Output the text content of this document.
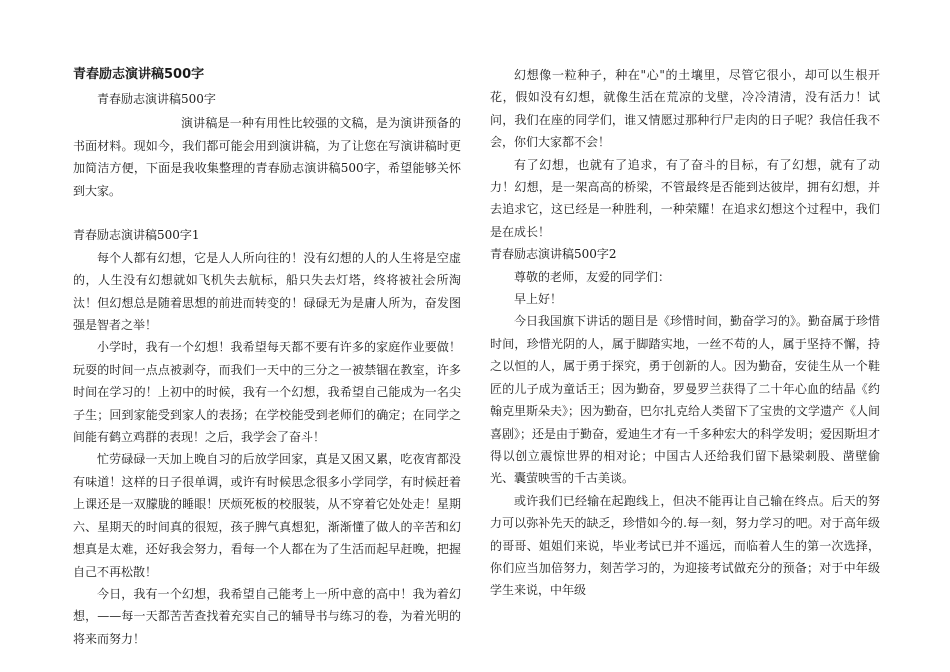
青春励志演讲稿500字

青春励志演讲稿500字

演讲稿是一种有用性比较强的文稿，是为演讲预备的书面材料。现如今，我们都可能会用到演讲稿，为了让您在写演讲稿时更加简洁方便，下面是我收集整理的青春励志演讲稿500字，希望能够关怀到大家。

青春励志演讲稿500字1

每个人都有幻想，它是人人所向往的！没有幻想的人的人生将是空虚的，人生没有幻想就如飞机失去航标，船只失去灯塔，终将被社会所淘汰！但幻想总是随着思想的前进而转变的！碌碌无为是庸人所为，奋发图强是智者之举！

小学时，我有一个幻想！我希望每天都不要有许多的家庭作业要做！玩耍的时间一点点被剥夺，而我们一天中的三分之一被禁锢在教室，许多时间在学习的！上初中的时候，我有一个幻想，我希望自己能成为一名尖子生；回到家能受到家人的表扬；在学校能受到老师们的确定；在同学之间能有鹤立鸡群的表现！之后，我学会了奋斗！

忙劳碌碌一天加上晚自习的后放学回家，真是又困又累，吃夜宵都没有味道！这样的日子很单调，或许有时候思念很多小学同学，有时候赶着上课还是一双朦胧的睡眼！厌烦死板的校服装，从不穿着它处处走！星期六、星期天的时间真的很短，孩子脾气真想犯，渐渐懂了做人的辛苦和幻想真是太难，还好我会努力，看每一个人都在为了生活而起早赶晚，把握自己不再松散！

今日，我有一个幻想，我希望自己能考上一所中意的高中！我为着幻想，——每一天都苦苦查找着充实自己的辅导书与练习的卷，为着光明的将来而努力！

幻想像一粒种子，种在"心"的土壤里，尽管它很小，却可以生根开花，假如没有幻想，就像生活在荒凉的戈壁，冷冷清清，没有活力！试问，我们在座的同学们，谁又情愿过那种行尸走肉的日子呢？我信任我不会，你们大家都不会！

有了幻想，也就有了追求，有了奋斗的目标，有了幻想，就有了动力！幻想，是一架高高的桥梁，不管最终是否能到达彼岸，拥有幻想，并去追求它，这已经是一种胜利，一种荣耀！在追求幻想这个过程中，我们是在成长！

青春励志演讲稿500字2

尊敬的老师，友爱的同学们：

早上好！

今日我国旗下讲话的题目是《珍惜时间，勤奋学习的》。勤奋属于珍惜时间，珍惜光阴的人，属于脚踏实地，一丝不苟的人，属于坚持不懈，持之以恒的人，属于勇于探究，勇于创新的人。因为勤奋，安徒生从一个鞋匠的儿子成为童话王；因为勤奋，罗曼罗兰获得了二十年心血的结晶《约翰克里斯朵夫》；因为勤奋，巴尔扎克给人类留下了宝贵的文学遗产《人间喜剧》；还是由于勤奋，爱迪生才有一千多种宏大的科学发明；爱因斯坦才得以创立震惊世界的相对论；中国古人还给我们留下悬梁刺股、凿壁偷光、囊萤映雪的千古美谈。

或许我们已经输在起跑线上，但决不能再让自己输在终点。后天的努力可以弥补先天的缺乏，珍惜如今的.每一刻，努力学习的吧。对于高年级的哥哥、姐姐们来说，毕业考试已并不遥远，而临着人生的第一次选择，你们应当加倍努力，刻苦学习的，为迎接考试做充分的预备；对于中年级学生来说，中年级
